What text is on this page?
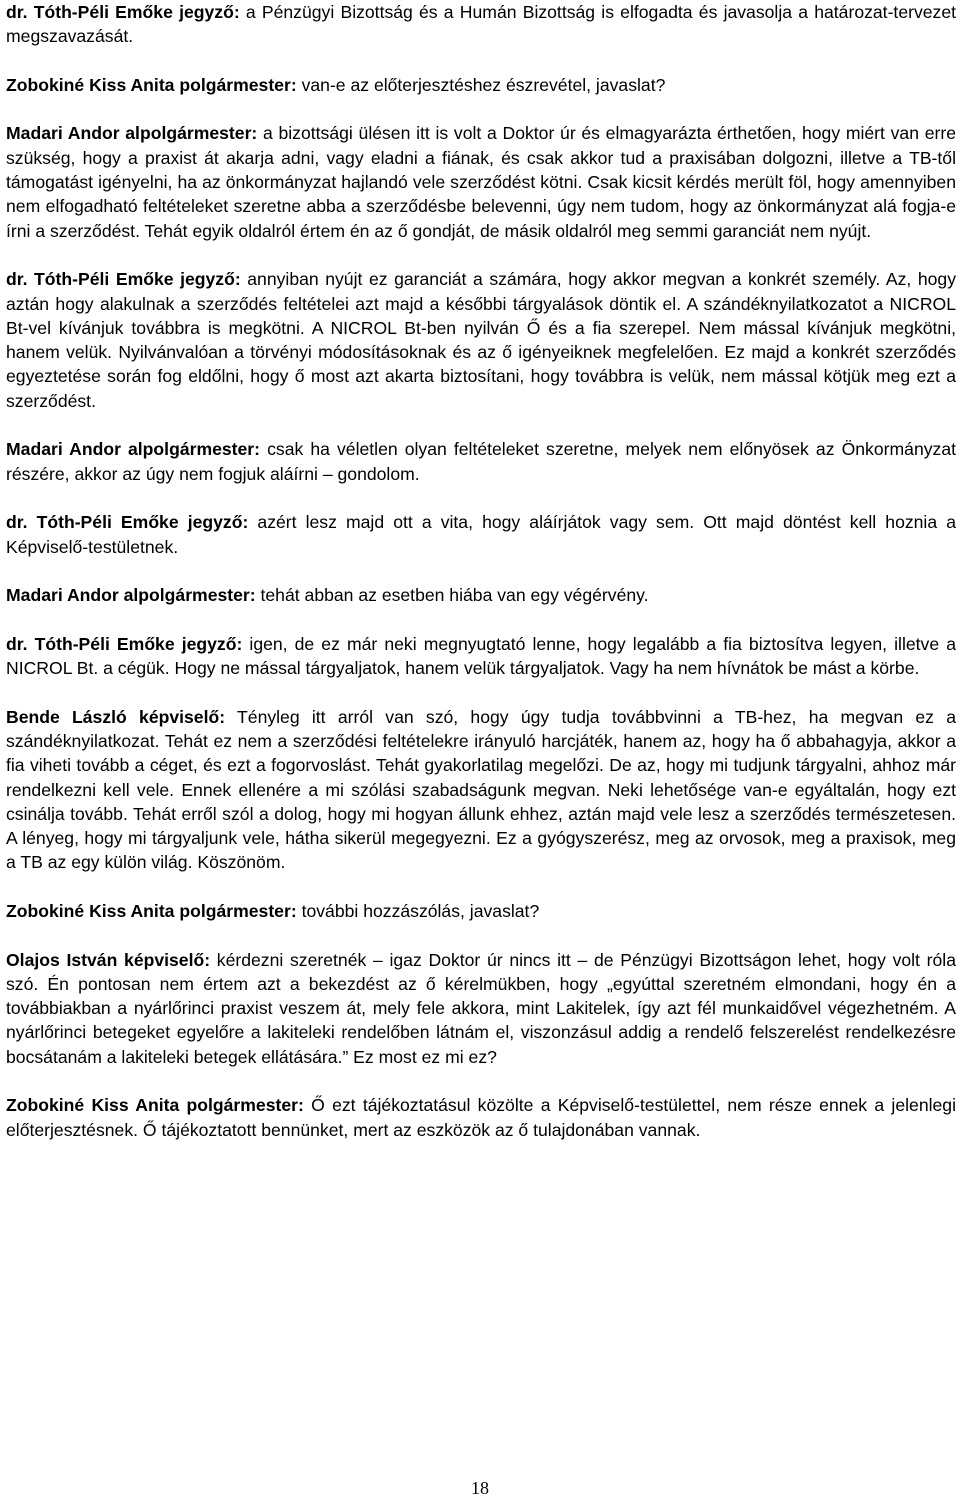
dr. Tóth-Péli Emőke jegyző: a Pénzügyi Bizottság és a Humán Bizottság is elfogadta és javasolja a határozat-tervezet megszavazását.

Zobokiné Kiss Anita polgármester: van-e az előterjesztéshez észrevétel, javaslat?

Madari Andor alpolgármester: a bizottsági ülésen itt is volt a Doktor úr és elmagyarázta érthetően, hogy miért van erre szükség, hogy a praxist át akarja adni, vagy eladni a fiának, és csak akkor tud a praxisában dolgozni, illetve a TB-től támogatást igényelni, ha az önkormányzat hajlandó vele szerződést kötni. Csak kicsit kérdés merült föl, hogy amennyiben nem elfogadható feltételeket szeretne abba a szerződésbe belevenni, úgy nem tudom, hogy az önkormányzat alá fogja-e írni a szerződést. Tehát egyik oldalról értem én az ő gondját, de másik oldalról meg semmi garanciát nem nyújt.

dr. Tóth-Péli Emőke jegyző: annyiban nyújt ez garanciát a számára, hogy akkor megvan a konkrét személy. Az, hogy aztán hogy alakulnak a szerződés feltételei azt majd a későbbi tárgyalások döntik el. A szándéknyilatkozatot a NICROL Bt-vel kívánjuk továbbra is megkötni. A NICROL Bt-ben nyilván Ő és a fia szerepel. Nem mással kívánjuk megkötni, hanem velük. Nyilvánvalóan a törvényi módosításoknak és az ő igényeiknek megfelelően. Ez majd a konkrét szerződés egyeztetése során fog eldőlni, hogy ő most azt akarta biztosítani, hogy továbbra is velük, nem mással kötjük meg ezt a szerződést.

Madari Andor alpolgármester: csak ha véletlen olyan feltételeket szeretne, melyek nem előnyösek az Önkormányzat részére, akkor az úgy nem fogjuk aláírni – gondolom.

dr. Tóth-Péli Emőke jegyző: azért lesz majd ott a vita, hogy aláírjátok vagy sem. Ott majd döntést kell hoznia a Képviselő-testületnek.

Madari Andor alpolgármester: tehát abban az esetben hiába van egy végérvény.

dr. Tóth-Péli Emőke jegyző: igen, de ez már neki megnyugtató lenne, hogy legalább a fia biztosítva legyen, illetve a NICROL Bt. a cégük. Hogy ne mással tárgyaljatok, hanem velük tárgyaljatok. Vagy ha nem hívnátok be mást a körbe.

Bende László képviselő: Tényleg itt arról van szó, hogy úgy tudja továbbvinni a TB-hez, ha megvan ez a szándéknyilatkozat. Tehát ez nem a szerződési feltételekre irányuló harcjáték, hanem az, hogy ha ő abbahagyja, akkor a fia viheti tovább a céget, és ezt a fogorvoslást. Tehát gyakorlatilag megelőzi. De az, hogy mi tudjunk tárgyalni, ahhoz már rendelkezni kell vele. Ennek ellenére a mi szólási szabadságunk megvan. Neki lehetősége van-e egyáltalán, hogy ezt csinálja tovább. Tehát erről szól a dolog, hogy mi hogyan állunk ehhez, aztán majd vele lesz a szerződés természetesen. A lényeg, hogy mi tárgyaljunk vele, hátha sikerül megegyezni. Ez a gyógyszerész, meg az orvosok, meg a praxisok, meg a TB az egy külön világ. Köszönöm.

Zobokiné Kiss Anita polgármester: további hozzászólás, javaslat?

Olajos István képviselő: kérdezni szeretnék – igaz Doktor úr nincs itt – de Pénzügyi Bizottságon lehet, hogy volt róla szó. Én pontosan nem értem azt a bekezdést az ő kérelmükben, hogy „egyúttal szeretném elmondani, hogy én a továbbiakban a nyárlőrinci praxist veszem át, mely fele akkora, mint Lakitelek, így azt fél munkaidővel végezhetném. A nyárlőrinci betegeket egyelőre a lakiteleki rendelőben látnám el, viszonzásul addig a rendelő felszerelést rendelkezésre bocsátanám a lakiteleki betegek ellátására.” Ez most ez mi ez?

Zobokiné Kiss Anita polgármester: Ő ezt tájékoztatásul közölte a Képviselő-testülettel, nem része ennek a jelenlegi előterjesztésnek. Ő tájékoztatott bennünket, mert az eszközök az ő tulajdonában vannak.

18
